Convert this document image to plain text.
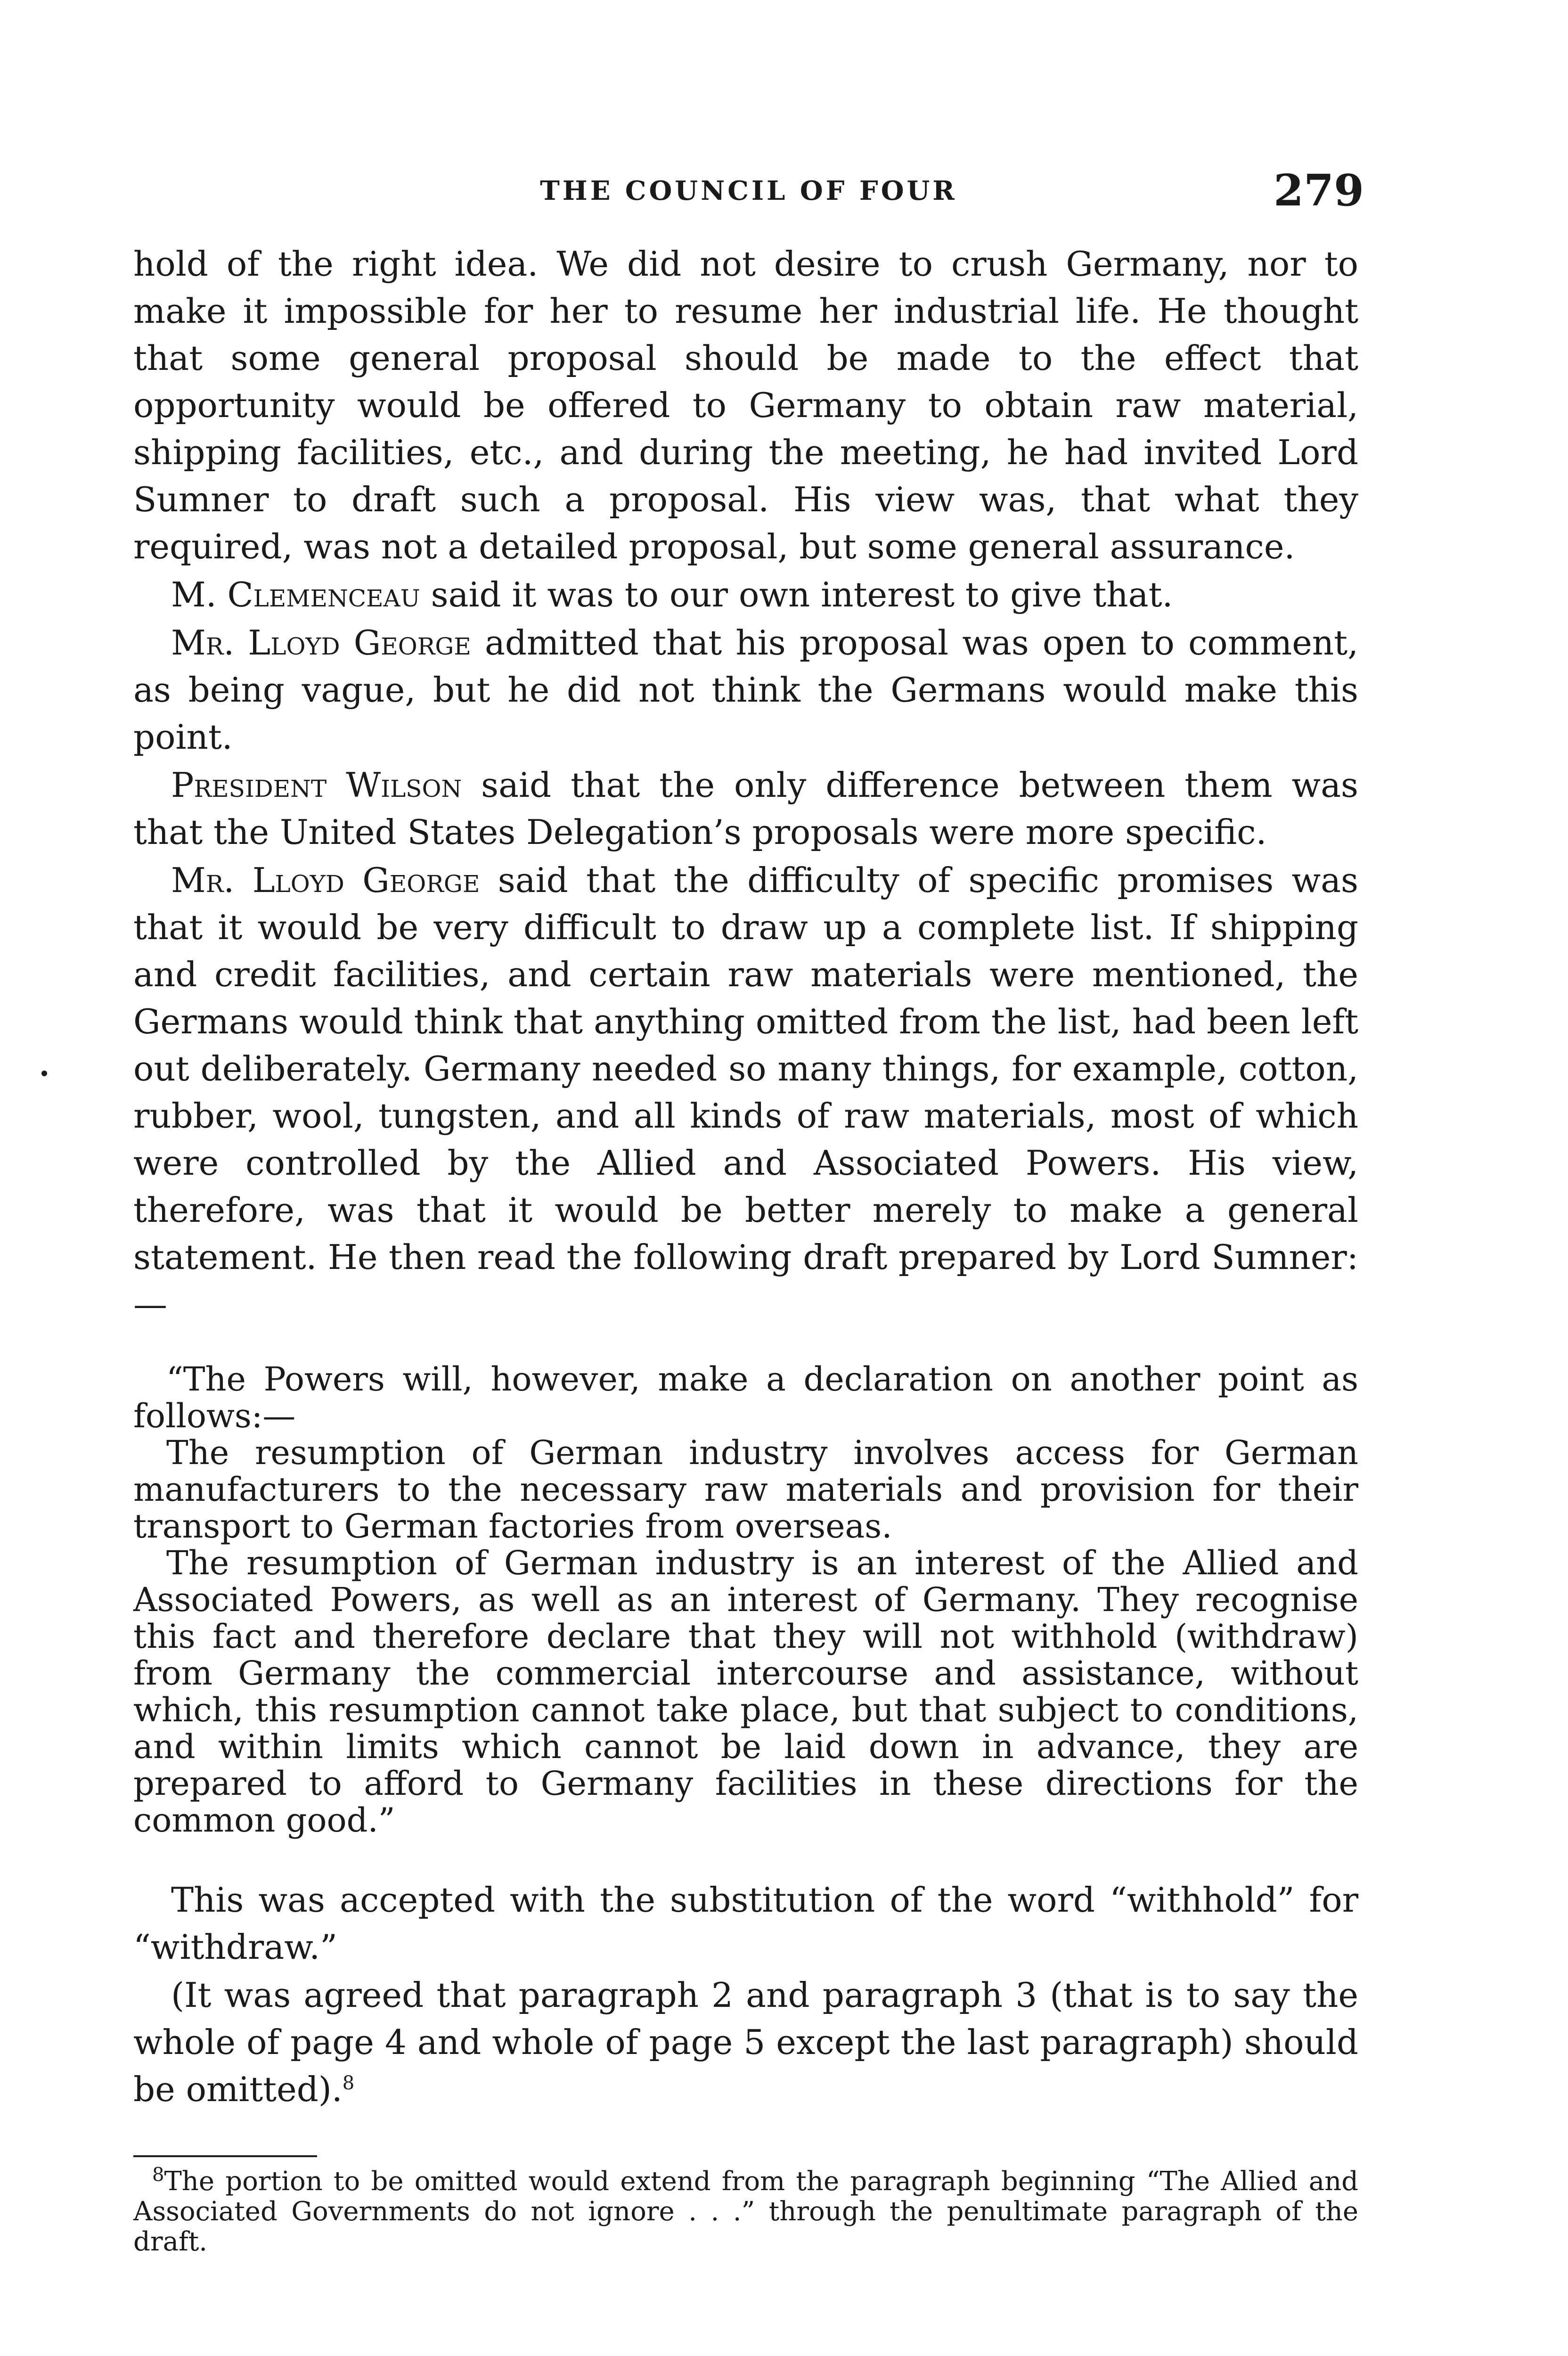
THE COUNCIL OF FOUR	279

hold of the right idea. We did not desire to crush Germany, nor to make it impossible for her to resume her industrial life. He thought that some general proposal should be made to the effect that opportunity would be offered to Germany to obtain raw material, shipping facilities, etc., and during the meeting, he had invited Lord Sumner to draft such a proposal. His view was, that what they required, was not a detailed proposal, but some general assurance.

M. Clemenceau said it was to our own interest to give that.

Mr. Lloyd George admitted that his proposal was open to comment, as being vague, but he did not think the Germans would make this point.

President Wilson said that the only difference between them was that the United States Delegation’s proposals were more specific.

Mr. Lloyd George said that the difficulty of specific promises was that it would be very difficult to draw up a complete list. If shipping and credit facilities, and certain raw materials were mentioned, the Germans would think that anything omitted from the list, had been left out deliberately. Germany needed so many things, for example, cotton, rubber, wool, tungsten, and all kinds of raw materials, most of which were controlled by the Allied and Associated Powers. His view, therefore, was that it would be better merely to make a general statement. He then read the following draft prepared by Lord Sumner:—

“The Powers will, however, make a declaration on another point as follows:—

The resumption of German industry involves access for German manufacturers to the necessary raw materials and provision for their transport to German factories from overseas.

The resumption of German industry is an interest of the Allied and Associated Powers, as well as an interest of Germany. They recognise this fact and therefore declare that they will not withhold (withdraw) from Germany the commercial intercourse and assistance, without which, this resumption cannot take place, but that subject to conditions, and within limits which cannot be laid down in advance, they are prepared to afford to Germany facilities in these directions for the common good.”

This was accepted with the substitution of the word “withhold” for “withdraw.”

(It was agreed that paragraph 2 and paragraph 3 (that is to say the whole of page 4 and whole of page 5 except the last paragraph) should be omitted).$^8$

$^8$The portion to be omitted would extend from the paragraph beginning “The Allied and Associated Governments do not ignore . . .” through the penultimate paragraph of the draft.
